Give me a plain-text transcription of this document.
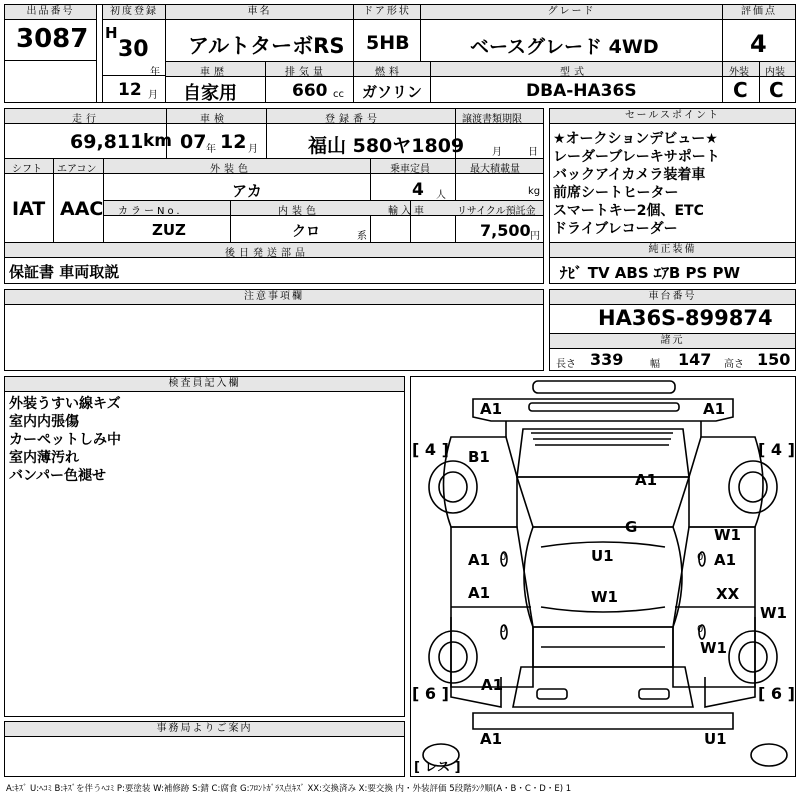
出品番号
3087
初度登録
H
30
年
12 月
車名
アルトターボRS
ドア形状
5HB
グレード
ベースグレード 4WD
評価点
4
外装 内装
C C
車歴	排気量	燃料	型式
自家用	660 cc ガソリン	DBA-HA36S
走行	車検	登録番号	譲渡書類期限
69,811 km 07 年 12 月	福山 580ヤ1809	月	日
シフト エアコン	外装色	乗車定員	最大積載量
IAT AAC
アカ	4 人	kg
カラーNo.	内装色	輸入車	リサイクル預託金
ZUZ	クロ	系	7,500 円
後日発送部品
保証書 車両取説
セールスポイント
★オークションデビュー★
レーダーブレーキサポート
バックアイカメラ装着車
前席シートヒーター
スマートキー2個、ETC
ドライブレコーダー
純正装備
ﾅﾋﾞ TV ABS ｴｱB PS PW
注意事項欄	車台番号
HA36S-899874
諸元
長さ 339	幅 147 高さ 150
検査員記入欄
外装うすい線キズ
室内内張傷
カーペットしみ中
室内薄汚れ
バンパー色褪せ
事務局よりご案内
A1	A1
B1
A1
G
A1
A1
U1
W1
W1
A1
XX
W1
W1
A1
A1	U1
0
0
0
0
[ 4 ]	[ 4 ]
[ 6 ]	[ 6 ]
[ レス ]
A:ｷｽﾞ U:ﾍｺﾐ B:ｷｽﾞを伴うﾍｺﾐ P:要塗装 W:補修跡 S:錆 C:腐食 G:ﾌﾛﾝﾄｶﾞﾗｽ点ｷｽﾞ XX:交換済み X:要交換 内・外装評価 5段階ﾗﾝｸ順(A・B・C・D・E) 1
